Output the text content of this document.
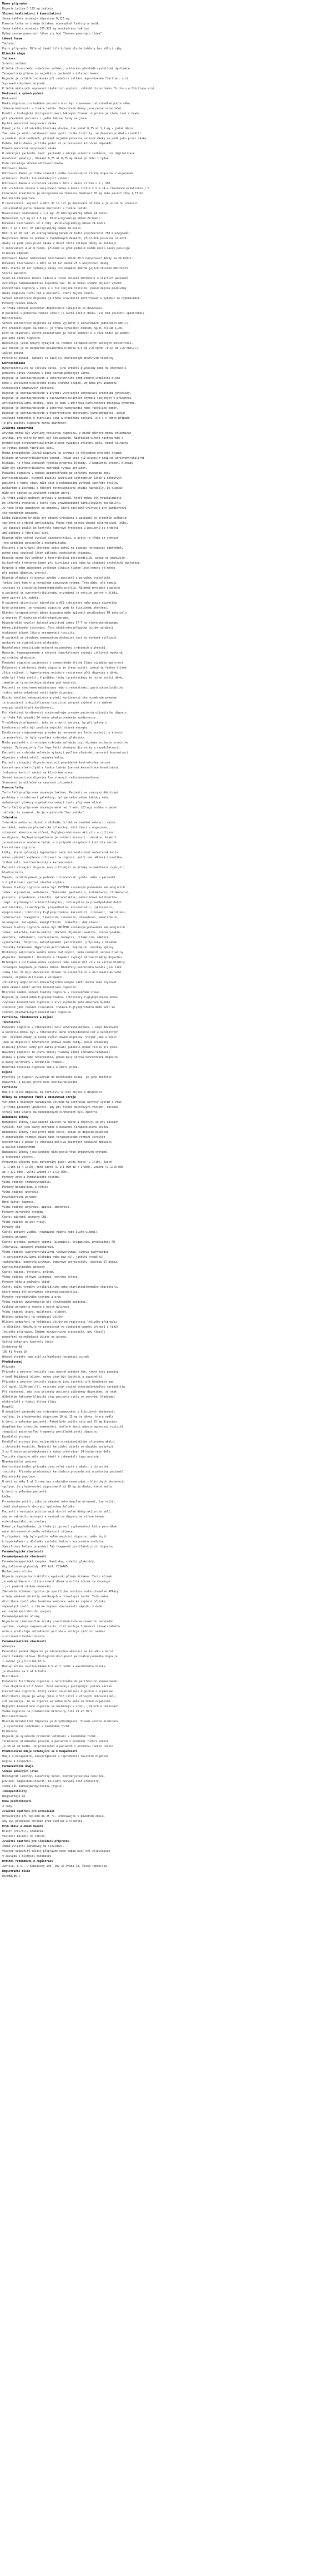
Název přípravku
Digoxin Léčiva 0,125 mg tablety
Složení kvalitativní i kvantitativní
Jedna tableta obsahuje digoxinum 0,125 mg.
Pomocná látka se známým účinkem: monohydrát laktózy a sodík.
Jedna tableta obsahuje 105,925 mg monohydrátu laktózy.
Úplný seznam pomocných látek viz bod "Seznam pomocných látek".
Léková forma
Tableta
Popis přípravku: Bílé až téměř bílé kulaté ploché tablety bez půlicí rýhy.
Klinické údaje
Indikace
Srdeční selhání
K léčbě chronického srdečního selhání, u kterého převládá systolická dysfunkce.
Terapeutický přínos je největší u pacientů s dilatací komor.
Digoxin je zvláště indikován při srdečním selhání doprovázeném fibrilací síní.
Supraventrikulární arytmie
K léčbě některých supraventrikulárních arytmií, zvláště chronického flutteru a fibrilace síní.
Dávkování a způsob podání
Dávkování
Dávka digoxinu pro každého pacienta musí být stanovena individuálně podle věku,
tělesné hmotnosti a funkce ledvin. Doporučené dávky jsou pouze orientační.
Rozdíl v biologické dostupnosti mezi lékovými formami digoxinu je třeba brát v úvahu
při převádění pacienta z jedné lékové formy na jinou.
Rychlá perorální nasycovací dávka
Pokud je to z klinického hlediska vhodné, lze podat 0,75 až 1,5 mg v jedné dávce.
Tam, kde je menší naléhavost nebo vyšší riziko toxicity, se doporučuje dávku rozdělit
a podávat po 6 hodinách, přičemž nejméně polovina celkové dávky se podá jako první dávka.
Každou další dávku je třeba podat až po posouzení klinické odpovědi.
Pomalá perorální nasycovací dávka
U některých pacientů, např. pacientů s mírným srdečním selháním, lze digitalizace
dosáhnout pomaleji, dávkami 0,25 až 0,75 mg denně po dobu 1 týdne.
Poté následuje vhodná udržovací dávka.
Udržovací dávka
Udržovací dávku je třeba stanovit podle procentuální ztráty digoxinu z organismu
eliminací. Použít lze následující vzorec:
Udržovací dávka = vrcholová zásoba v těle x denní ztráta v % / 100
kde vrcholová zásoba = nasycovací dávka a denní ztráta v % = 14 + clearance kreatininu / 5.
Clearance kreatininu je korigovaná na tělesnou hmotnost 70 kg nebo povrch těla 1,73 m2.
Pediatrická populace
U novorozenců, kojenců a dětí do 10 let je dávkování odlišné a je nutné ho stanovit
individuálně podle tělesné hmotnosti a funkce ledvin.
Novorozenci nedonošení < 1,5 kg: 25 mikrogramů/kg během 24 hodin.
Nedonošení 1,5 kg až 2,5 kg: 30 mikrogramů/kg během 24 hodin.
Donošení novorozenci až 2 roky: 45 mikrogramů/kg během 24 hodin.
Děti 2 až 5 let: 35 mikrogramů/kg během 24 hodin.
Děti 5 až 10 let: 25 mikrogramů/kg během 24 hodin (nepřekročit 750 mikrogramů).
Nasycovací dávka se podává v rozdělených dávkách, přibližně polovina celkové
dávky se podá jako první dávka a další části celkové dávky se podávají
v intervalech 4 až 8 hodin, přičemž se před podáním každé další dávky posuzuje
klinická odpověď.
Udržovací dávka: nedonošení novorozenci denně 20 % nasycovací dávky za 24 hodin.
Donošení novorozenci a děti do 10 let denně 25 % nasycovací dávky.
Děti starší 10 let vyžadují dávky pro dospělé úměrně jejich tělesné hmotnosti.
Starší pacienti
Sklon ke zhoršené funkci ledvin a nízké tělesné hmotnosti u starších pacientů
ovlivňuje farmakokinetiku digoxinu tak, že se mohou snadno objevit vysoké
koncentrace digoxinu v séru a s tím spojená toxicita, pokud nejsou používány
dávky digoxinu nižší než u pacientů, kteří nejsou starší.
Sérové koncentrace digoxinu je třeba pravidelně kontrolovat a vyhnout se hypokalemii.
Poruchy funkce ledvin
Je třeba věnovat pozornost doporučením týkajícím se dávkování.
U pacientů s poruchou funkce ledvin je nutné snížit dávku (viz bod Zvláštní upozornění).
Monitorování
Sérové koncentrace digoxinu se mohou vyjádřit v konvenčních jednotkách nmol/l.
Pro přepočet ng/ml na nmol/l je třeba vynásobit hodnotu ng/ml číslem 1,28.
Krev na stanovení sérové koncentrace je nutno odebrat 6 a více hodin po podání
poslední dávky digoxinu.
Neexistují jasné pokyny týkající se rozmezí terapeutických sérových koncentrací,
ale obecně je za bezpečnou považována hladina 0,5 až 2,0 ng/ml (0,64 až 2,6 nmol/l).
Způsob podání
Perorální podání. Tablety se zapíjejí dostatečným množstvím tekutiny.
Kontraindikace
Hypersenzitivita na léčivou látku, jiné srdeční glykosidy nebo na kteroukoli
pomocnou látku uvedenou v bodě Seznam pomocných látek.
Digoxin je kontraindikován u intermitentního kompletního srdečního bloku
nebo u atrioventrikulárního bloku druhého stupně, zejména při anamnéze
Stokesových-Adamsových záchvatů.
Digoxin je kontraindikován u arytmií vyvolaných intoxikací srdečními glykosidy.
Digoxin je kontraindikován u supraventrikulárních arytmií spojených s přídatnou
atrioventrikulární drahou, jako je tomu u Wolffova-Parkinsonova-Whiteova syndromu.
Digoxin je kontraindikován u komorové tachykardie nebo fibrilace komor.
Digoxin je kontraindikován u hypertrofické obstrukční kardiomyopatie, pokud
současně nedochází k fibrilaci síní a srdečnímu selhání, ale i v tomto případě
je při použití digoxinu nutná opatrnost.
Zvláštní upozornění
Arytmie mohou být vyvolány toxicitou digoxinu, z nichž některé mohou připomínat
arytmie, pro které by mohl být lék podáván. Například síňová tachykardie s
proměnlivým atrioventrikulárním blokem vyžaduje zvláštní péči, neboť klinicky
se rytmus podobá fibrilaci síní.
Mnoho prospěšných účinků digoxinu na arytmie je výsledkem určitého stupně
blokády atrioventrikulárního vedení. Pokud však již existuje neúplná atrioventrikulární
blokáda, je třeba očekávat rychlou progresi blokády. U kompletní srdeční blokády
může být idioventrikulární náhradní rytmus potlačen.
Podávání digoxinu v období bezprostředně po infarktu myokardu není
kontraindikováno. Nicméně použití pozitivně inotropních látek u některých
pacientů v tomto stavu může vést k nežádoucímu zvýšení spotřeby kyslíku
myokardem a ischémii a některé retrospektivní studie naznačily, že digoxin
může být spojen se zvýšeným rizikem úmrtí.
Je třeba zvážit možnost arytmií u pacientů, kteří mohou být hypokalemičtí
po infarktu myokardu a kteří jsou pravděpodobně kardiologicky nestabilní.
Je také třeba pamatovat na omezení, která následně vyplývají pro kardioverzi
stejnosměrným proudem.
Léčba digoxinem by měla být obecně vyloučena u pacientů se srdečním selháním
spojeným se srdeční amyloidózou. Pokud však nejsou vhodné alternativní léčby,
lze digoxin použít ke kontrole komorové frekvence u pacientů se srdeční
amyloidózou a fibrilací síní.
Digoxin může vzácně vyvolat vazokonstrikci, a proto je třeba se vyhnout
jeho podávání pacientům s myokarditidou.
Pacienti s beri-beri chorobou srdce mohou na digoxin nereagovat adekvátně,
pokud není současně léčen základní nedostatek thiaminu.
Digoxin nesmí být podáván u konstriktivní perikarditidy, pokud se nepoužije
ke kontrole frekvence komor při fibrilaci síní nebo ke zlepšení systolické dysfunkce.
Dyspnoe a edém způsobené zvýšeným plnícím tlakem levé komory se mohou
při podání digoxinu zhoršit.
Digoxin zlepšuje toleranci zátěže u pacientů s poruchou systolické
funkce levé komory a normálním sinusovým rytmem. Toto může, ale nemusí
souviset se zlepšením hemodynamického profilu. Nicméně prospěch digoxinu
u pacientů se supraventrikulárními arytmiemi je nejvíce patrný v klidu,
méně patrný při zátěži.
U pacientů užívajících diuretika a ACE inhibitory nebo pouze diuretika
bylo prokázáno, že vysazení digoxinu vede ke klinickému zhoršení.
Užívání terapeutických dávek digoxinu může způsobit prodloužení PR intervalu
a deprese ST úseku na elektrokardiogramu.
Digoxin může vyvolat falešně pozitivní změny ST-T na elektrokardiogramu
během zátěžového testování. Tyto elektrofyziologické účinky odrážejí
očekávaný účinek léku a neznamenají toxicitu.
U pacientů se závažným onemocněním dýchacích cest je zvýšená citlivost
myokardu na digitalisové glykosidy.
Hypokalemie senzitizuje myokard na působení srdečních glykosidů.
Hypoxie, hypomagnezemie a výrazná hyperkalcemie zvyšují citlivost myokardu
na srdeční glykosidy.
Podávání digoxinu pacientovi s onemocněním štítné žlázy vyžaduje opatrnost.
Počáteční a udržovací dávky digoxinu je třeba snížit, pokud je funkce štítné
žlázy snížená. U hypertyreózy existuje rezistence vůči digoxinu a dávku
může být třeba zvýšit. V průběhu léčby tyreotoxikózy je nutné snížit dávku,
jakmile se tyreotoxikóza dostane pod kontrolu.
Pacienti se syndromem malabsorpce nebo s rekonstrukcí gastrointestinálního
traktu mohou vyžadovat vyšší dávky digoxinu.
Riziko vyvolání nebezpečných arytmií kardioverzí stejnosměrným proudem
je u pacientů s digitalisovou toxicitou výrazně zvýšené a je úměrné
energii použité při kardioverzi.
Pro elektivní kardioverzi stejnosměrným proudem pacienta užívajícího digoxin
je třeba lék vysadit 24 hodin před provedením kardioverze.
V naléhavých případech, jako je srdeční zástava, by při pokusu o
kardioverzi měla být použita nejnižší účinná energie.
Kardioverze stejnosměrným proudem je nevhodná pro léčbu arytmií, u kterých
je podezření, že byly vyvolány srdečními glykosidy.
Mnoho pacientů s chronickým srdečním selháním trpí akutním snížením srdečního
výdeje. Tyto pacienty lze lépe léčit vhodnými diuretiky a vazodilatancii.
Pacienti se srdečním selháním vyžadují pečlivé sledování sérových koncentrací
digoxinu a elektrolytů, zejména kalia.
Pacienti užívající digoxin musí mít pravidelně kontrolovány sérové
koncentrace elektrolytů a funkce ledvin (sérová koncentrace kreatininu);
frekvence kontrol závisí na klinickém stavu.
Sérové koncentrace digoxinu lze stanovit radioimunoanalýzou.
Stanovení je užitečné ve sporných případech.
Pomocné látky
Tento léčivý přípravek obsahuje laktózu. Pacienti se vzácnými dědičnými
problémy s intolerancí galaktózy, úplným nedostatkem laktázy nebo
malabsorpcí glukózy a galaktózy nemají tento přípravek užívat.
Tento léčivý přípravek obsahuje méně než 1 mmol (23 mg) sodíku v jedné
tabletě, to znamená, že je v podstatě "bez sodíku".
Interakce
Interakce mohou vzniknout v důsledku účinků na renální exkreci, vazbu
na tkáně, vazbu na plazmatické bílkoviny, distribuci v organismu,
schopnost absorpce ve střevě, P-glykoproteinovou aktivitu a citlivost
na digoxin. Nejlepším opatřením je zvážení možnosti interakce, kdykoli
je uvažováno o současné léčbě, a v případě pochybností kontrola sérové
koncentrace digoxinu.
Látky, které způsobují hypokalemii nebo intracelulární nedostatek kalia,
mohou způsobit zvýšenou citlivost na digoxin; patří sem některá diuretika,
lithné soli, kortikosteroidy a karbenoxolon.
Pacienti užívající digoxin jsou citlivější na účinky suxamethonia zvyšující
hladinu kalia.
Vápník, zvláště pokud je podáván intravenózně rychle, může u pacientů
s digitalizací vyvolat závažné arytmie.
Sérové hladiny digoxinu mohou být ZVÝŠENY současným podáváním následujících
látek: alprazolam, amiodaron, flekainid, gentamicin, indometacin, itrakonazol,
prazosin, propafenon, chinidin, spironolakton, makrolidová antibiotika
(např. erythromycin a klarithromycin), tetracyklin (a pravděpodobně další
antibiotika), trimethoprim, propanthelin, atorvastatin, cyklosporin,
epoprostenol, inhibitory P-glykoproteinu, karvedilol, ritonavir, takrolimus,
telmisartan, tikagrelor, lapatinib, ranolazin, dronedaron, vemurafenib,
mirabegron, tolvaptan, kanagliflozin, ivakaftor, daklatasvir.
Sérové hladiny digoxinu mohou být SNÍŽENY současným podáváním následujících
látek: antacida, kaolin-pektin, některá objemová laxativa, cholestyramin,
akarbóza, salbutamol, sulfasalazin, neomycin, rifampicin, některá
cytostatika, fenytoin, metoklopramid, penicilamin, přípravky s obsahem
třezalky tečkované (Hypericum perforatum), bupropion, doplňky výživy.
Blokátory kalciového kanálu mohou buď zvýšit, nebo nezměnit sérové hladiny
digoxinu. Verapamil, felodipin a tiapamil zvyšují sérové hladiny digoxinu.
Nifedipin a diltiazem mohou zvyšovat nebo nemusí mít vliv na sérové hladiny.
Isradipin nezpůsobuje žádnou změnu. Blokátory kalciového kanálu jsou také
známy tím, že mají depresivní účinek na sinoatriální a atrioventrikulární
vedení, zejména diltiazem a verapamil.
Inhibitory angiotenzin-konvertujícího enzymu (ACE) mohou také zvyšovat
nebo nemusí měnit sérové koncentrace digoxinu.
Milrinon nemění sérové hladiny digoxinu v rovnovážném stavu.
Digoxin je substrátem P-glykoproteinu. Inhibitory P-glykoproteinu mohou
zvyšovat koncentrace digoxinu v krvi zvýšením jeho absorpce a/nebo
snížením jeho renální clearance. Indukce P-glykoproteinu může vést ke
snížení plazmatických koncentrací digoxinu.
Fertilita, těhotenství a kojení
Těhotenství
Podávání digoxinu v těhotenství není kontraindikováno, i když dávkování
a kontrola mohou být v těhotenství méně předvídatelné než u netěhotných
žen, přičemž někdy je nutné zvýšit dávku digoxinu. Stejně jako u všech
léků se digoxin v těhotenství podává pouze tehdy, pokud očekávaný
klinický přínos léčby pro matku převáží jakékoli možné riziko pro plod.
Navzdory expozici in utero nebyly hlášeny žádné významné nežádoucí
účinky u plodu nebo novorozence, pokud byly sérové koncentrace digoxinu
u matky udržovány v normálním rozmezí.
Mateřská toxicita digoxinu vedla k úmrtí plodu.
Kojení
Přestože je digoxin vylučován do mateřského mléka, je jeho množství
nepatrné, a kojení proto není kontraindikováno.
Fertilita
Údaje o vlivu digoxinu na fertilitu u lidí nejsou k dispozici.
Účinky na schopnost řídit a obsluhovat stroje
Vzhledem k hlášeným nežádoucím účinkům na centrální nervový systém a zrak
je třeba pacienty upozornit, aby při řízení motorových vozidel, obsluze
strojů nebo účasti na nebezpečných činnostech byli opatrní.
Nežádoucí účinky
Nežádoucí účinky jsou obecně závislé na dávce a objevují se při dávkách
vyšších, než jsou dávky potřebné k dosažení terapeutického účinku.
Nežádoucí účinky jsou proto méně časté, pokud je digoxin používán
v doporučeném rozmezí dávek nebo terapeutickém rozmezí sérových
koncentrací a pokud je věnována pečlivá pozornost současné medikaci
a dalším onemocněním.
Nežádoucí účinky jsou uvedeny níže podle tříd orgánových systémů
a frekvence výskytu.
Frekvence výskytu jsou definovány jako: velmi časté (≥ 1/10), časté
(≥ 1/100 až < 1/10), méně časté (≥ 1/1 000 až < 1/100), vzácné (≥ 1/10 000
až < 1/1 000), velmi vzácné (< 1/10 000).
Poruchy krve a lymfatického systému
Velmi vzácné: trombocytopenie.
Poruchy metabolismu a výživy
Velmi vzácné: anorexie.
Psychiatrické poruchy
Méně časté: deprese.
Velmi vzácné: psychóza, apatie, zmatenost.
Poruchy nervového systému
Časté: závratě, poruchy CNS.
Velmi vzácné: bolest hlavy.
Poruchy oka
Časté: poruchy vidění (rozmazané vidění nebo žluté vidění).
Srdeční poruchy
Časté: arytmie, poruchy vedení, bigeminie, trigeminie, prodloužení PR
intervalu, sinusová bradykardie.
Velmi vzácné: supraventrikulární tachyarytmie, síňová tachykardie
(s atrioventrikulární blokádou nebo bez ní), junkční (nodální)
tachykardie, komorová arytmie, komorové extrasystoly, deprese ST úseku.
Gastrointestinální poruchy
Časté: nauzea, zvracení, průjem.
Velmi vzácné: střevní ischemie, nekróza střeva.
Poruchy kůže a podkožní tkáně
Časté: kožní vyrážky urtikáriálního nebo skarlatiniformního charakteru,
které mohou být provázeny výraznou eozinofilií.
Poruchy reprodukčního systému a prsu
Velmi vzácné: gynekomastie při dlouhodobém podávání.
Celkové poruchy a reakce v místě aplikace
Velmi vzácné: únava, malátnost, slabost.
Hlášení podezření na nežádoucí účinky
Hlášení podezření na nežádoucí účinky po registraci léčivého přípravku
je důležité. Umožňuje to pokračovat ve sledování poměru přínosů a rizik
léčivého přípravku. Žádáme zdravotnické pracovníky, aby hlásili
podezření na nežádoucí účinky na adresu:
Státní ústav pro kontrolu léčiv
Šrobárova 48
100 41 Praha 10
Webové stránky: www.sukl.cz/nahlasit-nezadouci-ucinek
Předávkování
Příznaky
Příznaky a projevy toxicity jsou obecně podobné těm, které jsou popsány
v bodě Nežádoucí účinky, mohou však být častější a závažnější.
Příznaky a projevy toxicity digoxinu jsou častější při hladinách nad
2,0 ng/ml (2,56 nmol/l), existuje však značná interindividuální variabilita.
Při stanovení, zda jsou příznaky pacienta způsobeny digoxinem, je však
důležitým faktorem klinický stav pacienta spolu se sérovými hladinami
elektrolytů a funkcí štítné žlázy.
Dospělí
U dospělých pacientů bez srdečního onemocnění z klinických zkušeností
vyplývá, že předávkování digoxinem 10 až 15 mg je dávka, která vedla
k úmrtí u poloviny pacientů. Pokud bylo požito více než 25 mg digoxinu
dospělým bez srdečního onemocnění, došlo k úmrtí nebo progresivní toxicitě
reagující pouze na Fab fragmenty protilátek proti digoxinu.
Kardiální projevy
Kardiální projevy jsou nejčastějším a nejzávažnějším příznakem akutní
i chronické toxicity. Nejvyšší kardiální účinky se obvykle vyskytují
3 až 6 hodin po předávkování a mohou přetrvávat 24 hodin nebo déle.
Toxicita digoxinu může vést téměř k jakémukoli typu arytmie.
Mimokardiální projevy
Gastrointestinální příznaky jsou velmi časté u akutní i chronické
toxicity. Příznaky předcházejí kardiálním projevům asi u poloviny pacientů.
Pediatrická populace
U dětí ve věku 1 až 3 roky bez srdečního onemocnění z klinických zkušeností
vyplývá, že předávkování digoxinem 6 až 10 mg je dávka, která vedla
k úmrtí u poloviny pacientů.
Léčba
Po nedávném požití, jako je náhodné nebo úmyslné otrávení, lze snížit
zátěž dostupnou k absorpci výplachem žaludku.
Pacienti s masivním požitím mají dostat velké dávky aktivního uhlí,
aby se zabránilo absorpci a navázal se digoxin ve střevě během
enterohepatální recirkulace.
Pokud je hypokalemie, je třeba ji upravit suplementací kalia perorálně
nebo intravenózně podle naléhavosti situace.
V případech, kdy bylo požito velké množství digoxinu, může dojít
k hyperkalemii v důsledku uvolnění kalia z kosterního svalstva.
Specifickou léčbou je podání Fab fragmentů protilátek proti digoxinu.
Farmakologické vlastnosti
Farmakodynamické vlastnosti
Farmakoterapeutická skupina: Kardiaka, srdeční glykosidy,
digitalisové glykosidy. ATC kód: C01AA05.
Mechanismus účinku
Digoxin zvyšuje kontraktilitu myokardu přímým účinkem. Tento účinek
je úměrný dávce v nižším rozmezí dávek a určitý účinek se dosahuje
i při poměrně nízkém dávkování.
Základním účinkem digoxinu je specifická inhibice sodno-draselné ATPázy,
a tedy výměnné aktivity sodíkových a draselných iontů. Tato změna
distribuce iontů přes buněčnou membránu vede ke zvýšení přítoku
vápenatých iontů, a tím ke zvýšení dostupnosti vápníku v době
excitačně-kontrakčního spojení.
Farmakodynamické účinky
Digoxin má také nepřímé účinky prostřednictvím autonomního nervového
systému; zvyšuje vagovou aktivitu, čímž snižuje frekvenci sinoatriálního
uzlu a prodlužuje refrakterní periodu a snižuje rychlost vedení
v atrioventrikulárním uzlu.
Farmakokinetické vlastnosti
Absorpce
Perorální podání digoxinu je následováno absorpcí ze žaludku a horní
části tenkého střeva. Biologická dostupnost perorálně podaného digoxinu
z tablet je přibližně 63 %.
Nástup účinku nastává během 0,5 až 2 hodin a maximálního účinku
je dosaženo za 2 až 6 hodin.
Distribuce
Počáteční distribuce digoxinu z centrálního do periferního kompartmentu
trvá obvykle 6 až 8 hodin. Poté následuje postupnější pokles sérové
koncentrace digoxinu, který závisí na eliminaci digoxinu z organismu.
Distribuční objem je velký (Vdss = 510 litrů u zdravých dobrovolníků),
což naznačuje, že se digoxin ve velké míře váže na tkáně organismu.
Nejvyšší koncentrace digoxinu se nacházejí v srdci, játrech a ledvinách.
Vazba digoxinu na plazmatické bílkoviny činí 20 až 30 %.
Biotransformace
Hlavním metabolitem digoxinu je dihydrodigoxin. Hlavní cestou eliminace
je vylučování ledvinami v nezměněné formě.
Eliminace
Digoxin je vylučován primárně ledvinami v nezměněné formě.
Terminální eliminační poločas u pacientů s normální funkcí ledvin
je 30 až 40 hodin. Je prodloužen u pacientů s poruchou funkce ledvin.
Předklinické údaje vztahující se k bezpečnosti
Údaje o mutagenitě, kancerogenitě a reprodukční toxicitě digoxinu
nejsou k dispozici.
Farmaceutické údaje
Seznam pomocných látek
Monohydrát laktózy, kukuřičný škrob, mikrokrystalická celulóza,
povidon, magnesium-stearát, koloidní bezvodý oxid křemičitý,
sodná sůl karboxymethylškrobu (typ A).
Inkompatibility
Neuplatňuje se.
Doba použitelnosti
3 roky.
Zvláštní opatření pro uchovávání
Uchovávejte při teplotě do 25 °C. Uchovávejte v původním obalu,
aby byl přípravek chráněn před světlem a vlhkostí.
Druh obalu a obsah balení
Blistr (PVC/Al), krabička.
Velikost balení: 30 tablet.
Zvláštní opatření pro likvidaci přípravku
Žádné zvláštní požadavky na likvidaci.
Všechen nepoužitý léčivý přípravek nebo odpad musí být zlikvidován
v souladu s místními požadavky.
Držitel rozhodnutí o registraci
Zentiva, k.s., U Kabelovny 130, 102 37 Praha 10, Česká republika
Registrační číslo
83/088/86-C
